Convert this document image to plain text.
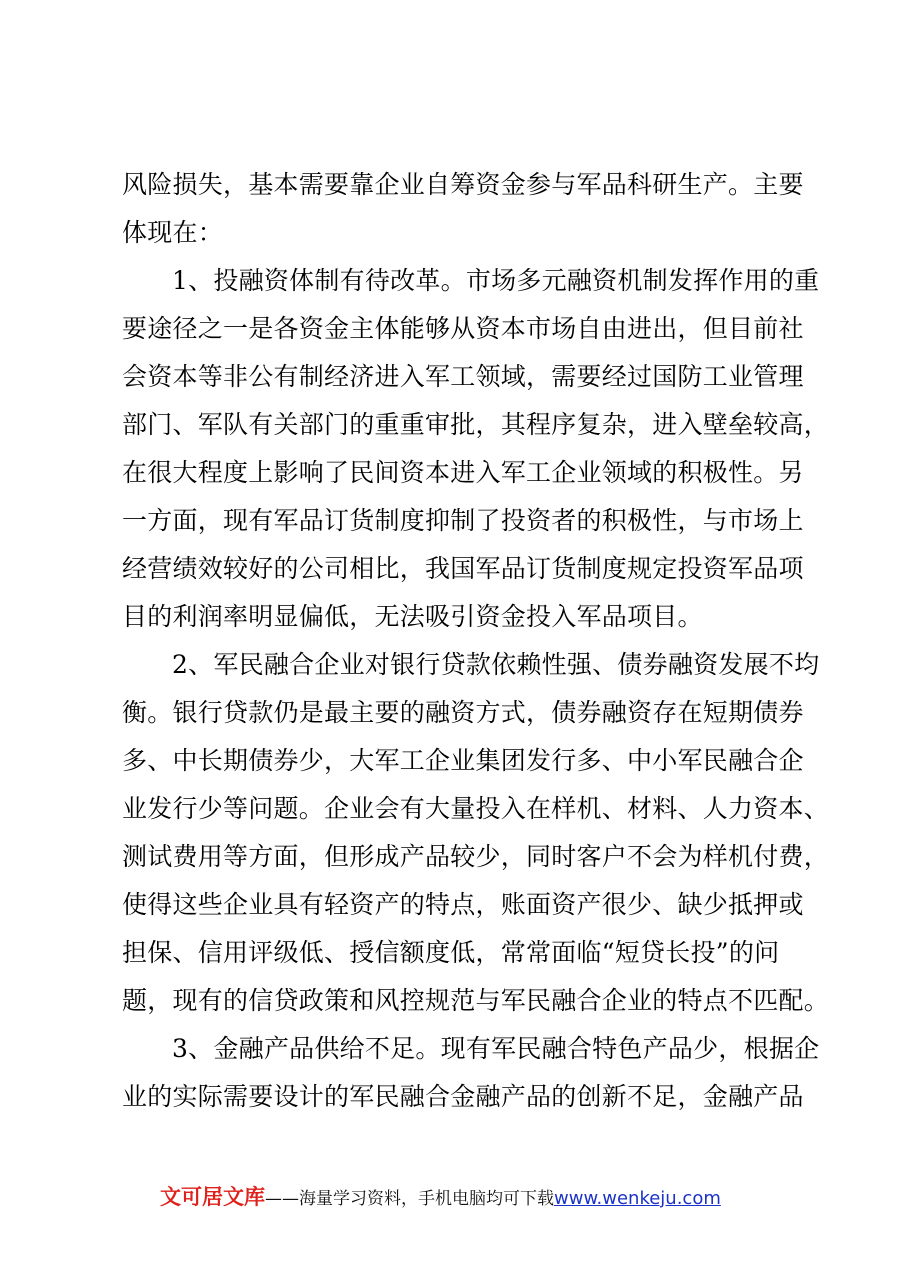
风险损失，基本需要靠企业自筹资金参与军品科研生产。主要
体现在：
1、投融资体制有待改革。市场多元融资机制发挥作用的重
要途径之一是各资金主体能够从资本市场自由进出，但目前社
会资本等非公有制经济进入军工领域，需要经过国防工业管理
部门、军队有关部门的重重审批，其程序复杂，进入壁垒较高，
在很大程度上影响了民间资本进入军工企业领域的积极性。另
一方面，现有军品订货制度抑制了投资者的积极性，与市场上
经营绩效较好的公司相比，我国军品订货制度规定投资军品项
目的利润率明显偏低，无法吸引资金投入军品项目。
2、军民融合企业对银行贷款依赖性强、债券融资发展不均
衡。银行贷款仍是最主要的融资方式，债券融资存在短期债券
多、中长期债券少，大军工企业集团发行多、中小军民融合企
业发行少等问题。企业会有大量投入在样机、材料、人力资本、
测试费用等方面，但形成产品较少，同时客户不会为样机付费，
使得这些企业具有轻资产的特点，账面资产很少、缺少抵押或
担保、信用评级低、授信额度低，常常面临“短贷长投”的问
题，现有的信贷政策和风控规范与军民融合企业的特点不匹配。
3、金融产品供给不足。现有军民融合特色产品少，根据企
业的实际需要设计的军民融合金融产品的创新不足，金融产品
文可居文库——海量学习资料，手机电脑均可下载www.wenkeju.com
